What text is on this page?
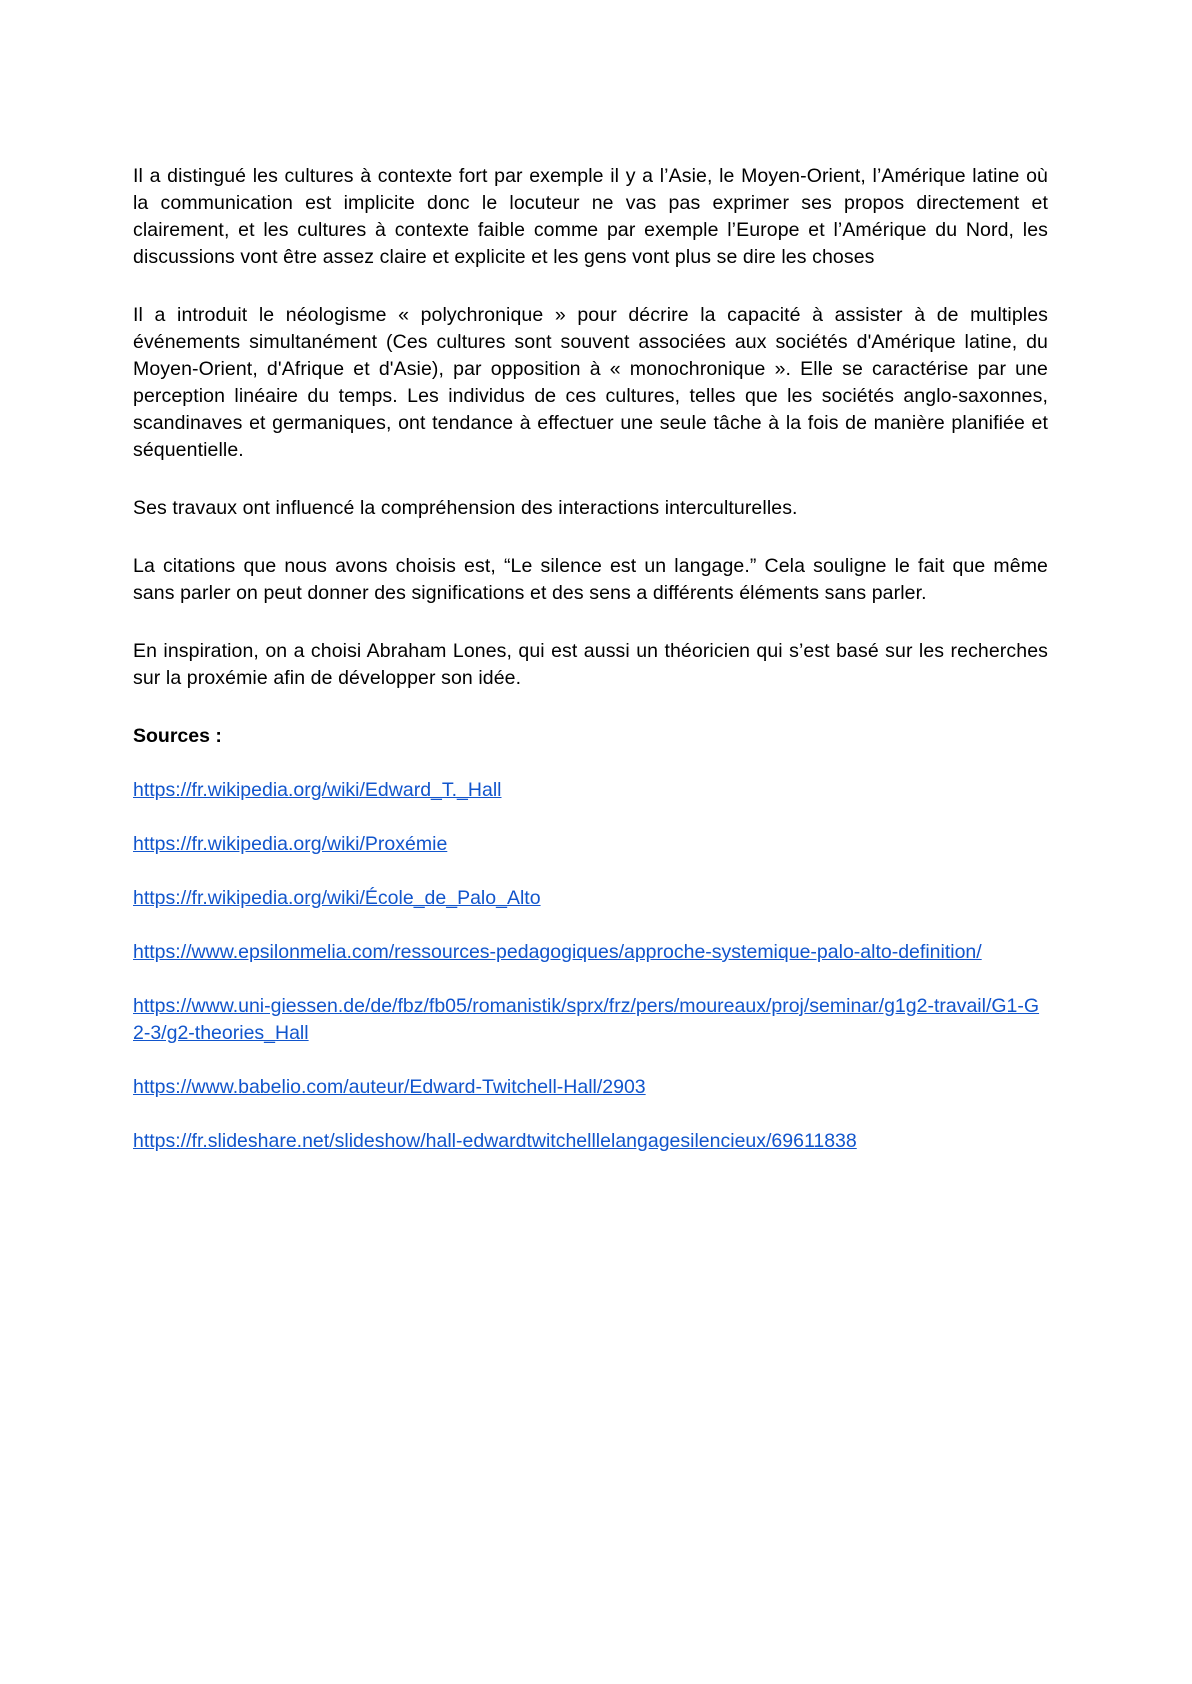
Il a distingué les cultures à contexte fort par exemple il y a l’Asie, le Moyen-Orient, l’Amérique latine où la communication est implicite donc le locuteur ne vas pas exprimer ses propos directement et clairement, et les cultures à contexte faible comme par exemple l’Europe et l’Amérique du Nord, les discussions vont être assez claire et explicite et les gens vont plus se dire les choses

Il a introduit le néologisme « polychronique » pour décrire la capacité à assister à de multiples événements simultanément (Ces cultures sont souvent associées aux sociétés d'Amérique latine, du Moyen-Orient, d'Afrique et d'Asie), par opposition à « monochronique ». Elle se caractérise par une perception linéaire du temps. Les individus de ces cultures, telles que les sociétés anglo-saxonnes, scandinaves et germaniques, ont tendance à effectuer une seule tâche à la fois de manière planifiée et séquentielle.

Ses travaux ont influencé la compréhension des interactions interculturelles.

La citations que nous avons choisis est, “Le silence est un langage.” Cela souligne le fait que même sans parler on peut donner des significations et des sens a différents éléments sans parler.

En inspiration, on a choisi Abraham Lones, qui est aussi un théoricien qui s’est basé sur les recherches sur la proxémie afin de développer son idée.

Sources :

https://fr.wikipedia.org/wiki/Edward_T._Hall

https://fr.wikipedia.org/wiki/Proxémie

https://fr.wikipedia.org/wiki/École_de_Palo_Alto

https://www.epsilonmelia.com/ressources-pedagogiques/approche-systemique-palo-alto-definition/

https://www.uni-giessen.de/de/fbz/fb05/romanistik/sprx/frz/pers/moureaux/proj/seminar/g1g2-travail/G1-G2-3/g2-theories_Hall

https://www.babelio.com/auteur/Edward-Twitchell-Hall/2903

https://fr.slideshare.net/slideshow/hall-edwardtwitchelllelangagesilencieux/69611838
